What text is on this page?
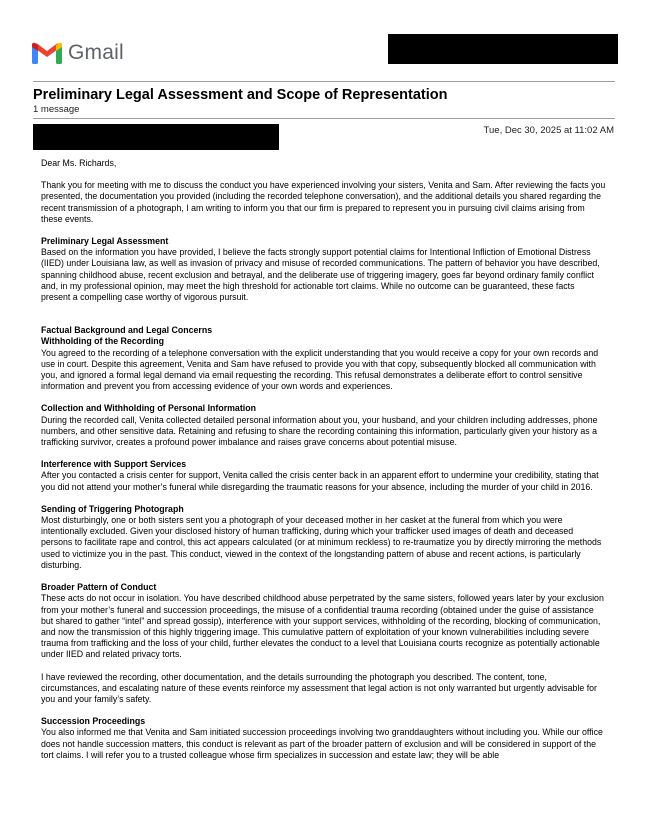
Gmail
Preliminary Legal Assessment and Scope of Representation
1 message
Tue, Dec 30, 2025 at 11:02 AM

Dear Ms. Richards,

Thank you for meeting with me to discuss the conduct you have experienced involving your sisters, Venita and Sam. After reviewing the facts you presented, the documentation you provided (including the recorded telephone conversation), and the additional details you shared regarding the recent transmission of a photograph, I am writing to inform you that our firm is prepared to represent you in pursuing civil claims arising from these events.

Preliminary Legal Assessment

Based on the information you have provided, I believe the facts strongly support potential claims for Intentional Infliction of Emotional Distress (IIED) under Louisiana law, as well as invasion of privacy and misuse of recorded communications. The pattern of behavior you have described, spanning childhood abuse, recent exclusion and betrayal, and the deliberate use of triggering imagery, goes far beyond ordinary family conflict and, in my professional opinion, may meet the high threshold for actionable tort claims. While no outcome can be guaranteed, these facts present a compelling case worthy of vigorous pursuit.

Factual Background and Legal Concerns
Withholding of the Recording

You agreed to the recording of a telephone conversation with the explicit understanding that you would receive a copy for your own records and use in court. Despite this agreement, Venita and Sam have refused to provide you with that copy, subsequently blocked all communication with you, and ignored a formal legal demand via email requesting the recording. This refusal demonstrates a deliberate effort to control sensitive information and prevent you from accessing evidence of your own words and experiences.

Collection and Withholding of Personal Information

During the recorded call, Venita collected detailed personal information about you, your husband, and your children including addresses, phone numbers, and other sensitive data. Retaining and refusing to share the recording containing this information, particularly given your history as a trafficking survivor, creates a profound power imbalance and raises grave concerns about potential misuse.

Interference with Support Services

After you contacted a crisis center for support, Venita called the crisis center back in an apparent effort to undermine your credibility, stating that you did not attend your mother’s funeral while disregarding the traumatic reasons for your absence, including the murder of your child in 2016.

Sending of Triggering Photograph

Most disturbingly, one or both sisters sent you a photograph of your deceased mother in her casket at the funeral from which you were intentionally excluded. Given your disclosed history of human trafficking, during which your trafficker used images of death and deceased persons to facilitate rape and control, this act appears calculated (or at minimum reckless) to re-traumatize you by directly mirroring the methods used to victimize you in the past. This conduct, viewed in the context of the longstanding pattern of abuse and recent actions, is particularly disturbing.

Broader Pattern of Conduct

These acts do not occur in isolation. You have described childhood abuse perpetrated by the same sisters, followed years later by your exclusion from your mother’s funeral and succession proceedings, the misuse of a confidential trauma recording (obtained under the guise of assistance but shared to gather “intel” and spread gossip), interference with your support services, withholding of the recording, blocking of communication, and now the transmission of this highly triggering image. This cumulative pattern of exploitation of your known vulnerabilities including severe trauma from trafficking and the loss of your child, further elevates the conduct to a level that Louisiana courts recognize as potentially actionable under IIED and related privacy torts.

I have reviewed the recording, other documentation, and the details surrounding the photograph you described. The content, tone, circumstances, and escalating nature of these events reinforce my assessment that legal action is not only warranted but urgently advisable for you and your family’s safety.

Succession Proceedings

You also informed me that Venita and Sam initiated succession proceedings involving two granddaughters without including you. While our office does not handle succession matters, this conduct is relevant as part of the broader pattern of exclusion and will be considered in support of the tort claims. I will refer you to a trusted colleague whose firm specializes in succession and estate law; they will be able
